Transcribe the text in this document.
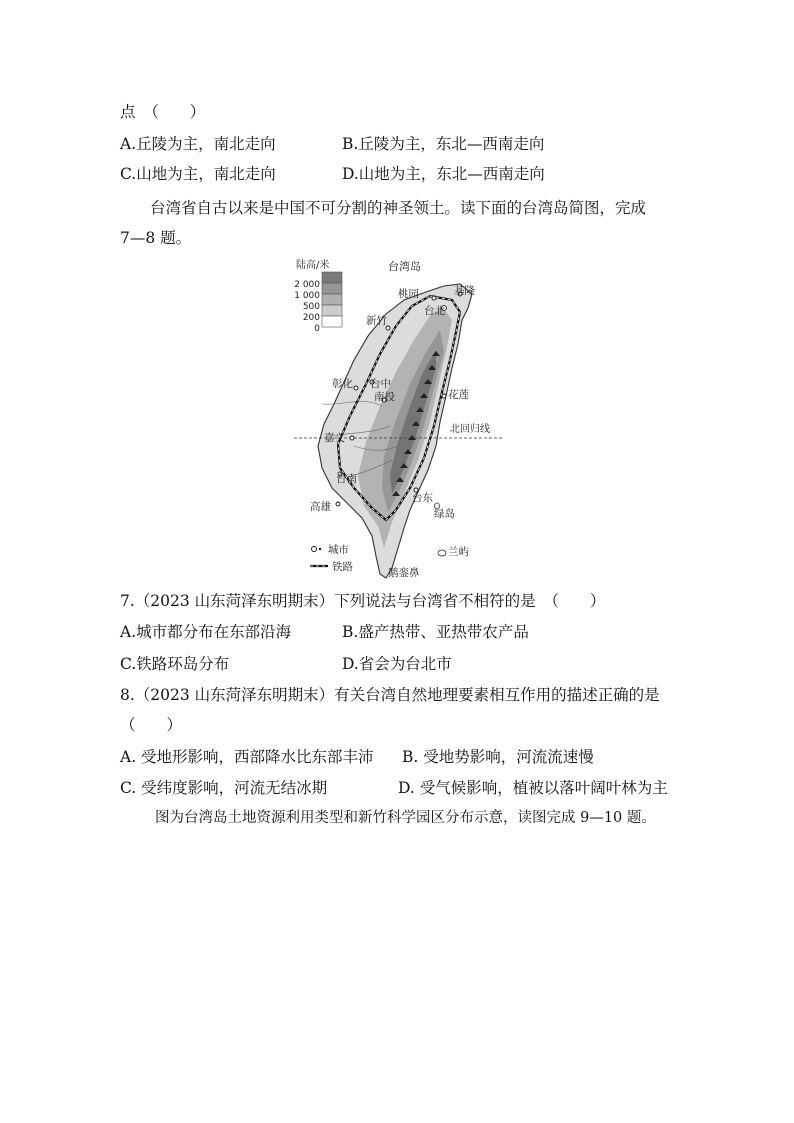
点　（　　）
A.丘陵为主，南北走向	B.丘陵为主，东北—西南走向
C.山地为主，南北走向	D.山地为主，东北—西南走向
台湾省自古以来是中国不可分割的神圣领土。读下面的台湾岛简图，完成
7—8 题。
陆高/米
2 000
1 000
500
200
0
台湾岛
北回归线
桃园	基隆
台北
新竹
彰化 台中
南投	花莲
嘉义
台南
台东
高雄
绿岛
兰屿
鹅銮鼻
城市
铁路
7.（2023 山东菏泽东明期末）下列说法与台湾省不相符的是　（　　）
A.城市都分布在东部沿海	B.盛产热带、亚热带农产品
C.铁路环岛分布	D.省会为台北市
8.（2023 山东菏泽东明期末）有关台湾自然地理要素相互作用的描述正确的是
（　　）
A. 受地形影响，西部降水比东部丰沛 B. 受地势影响，河流流速慢
C. 受纬度影响，河流无结冰期	D. 受气候影响，植被以落叶阔叶林为主
图为台湾岛土地资源利用类型和新竹科学园区分布示意，读图完成 9—10 题。
